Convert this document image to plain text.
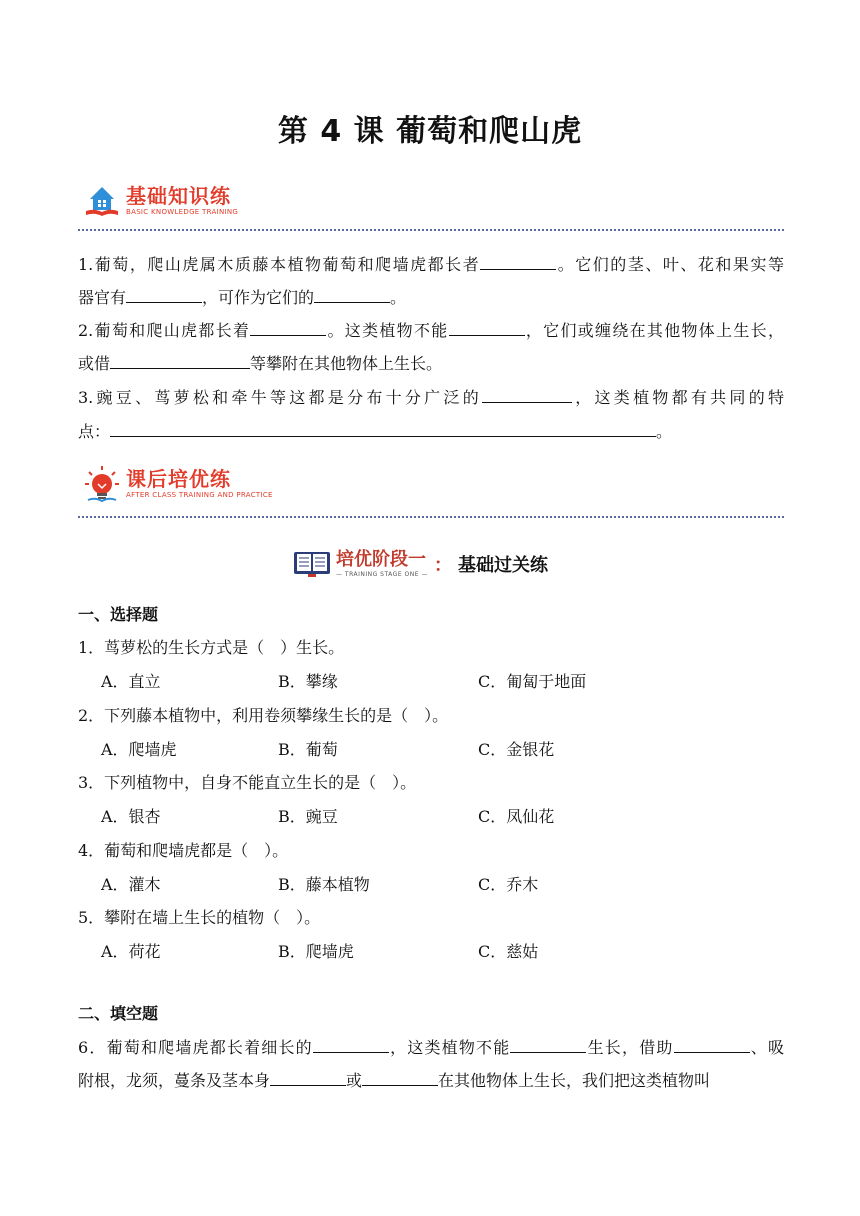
第 4 课 葡萄和爬山虎
基础知识练
BASIC KNOWLEDGE TRAINING
1.葡萄，爬山虎属木质藤本植物葡萄和爬墙虎都长者	。它们的茎、叶、花和果实等
器官有	，可作为它们的	。
2.葡萄和爬山虎都长着	。这类植物不能	，它们或缠绕在其他物体上生长，
或借	等攀附在其他物体上生长。
3.豌豆、茑萝松和牵牛等这都是分布十分广泛的	，这类植物都有共同的特
点：	。
课后培优练
AFTER CLASS TRAINING AND PRACTICE
培优阶段一
— TRAINING STAGE ONE — ： 基础过关练
一、选择题
1．茑萝松的生长方式是（　）生长。
A．直立	B．攀缘	C．匍匐于地面
2．下列藤本植物中，利用卷须攀缘生长的是（　）。
A．爬墙虎	B．葡萄	C．金银花
3．下列植物中，自身不能直立生长的是（　）。
A．银杏	B．豌豆	C．凤仙花
4．葡萄和爬墙虎都是（　）。
A．灌木	B．藤本植物	C．乔木
5．攀附在墙上生长的植物（　）。
A．荷花	B．爬墙虎	C．慈姑
二、填空题
6．葡萄和爬墙虎都长着细长的	，这类植物不能	生长，借助	、吸
附根，龙须，蔓条及茎本身	或	在其他物体上生长，我们把这类植物叫
